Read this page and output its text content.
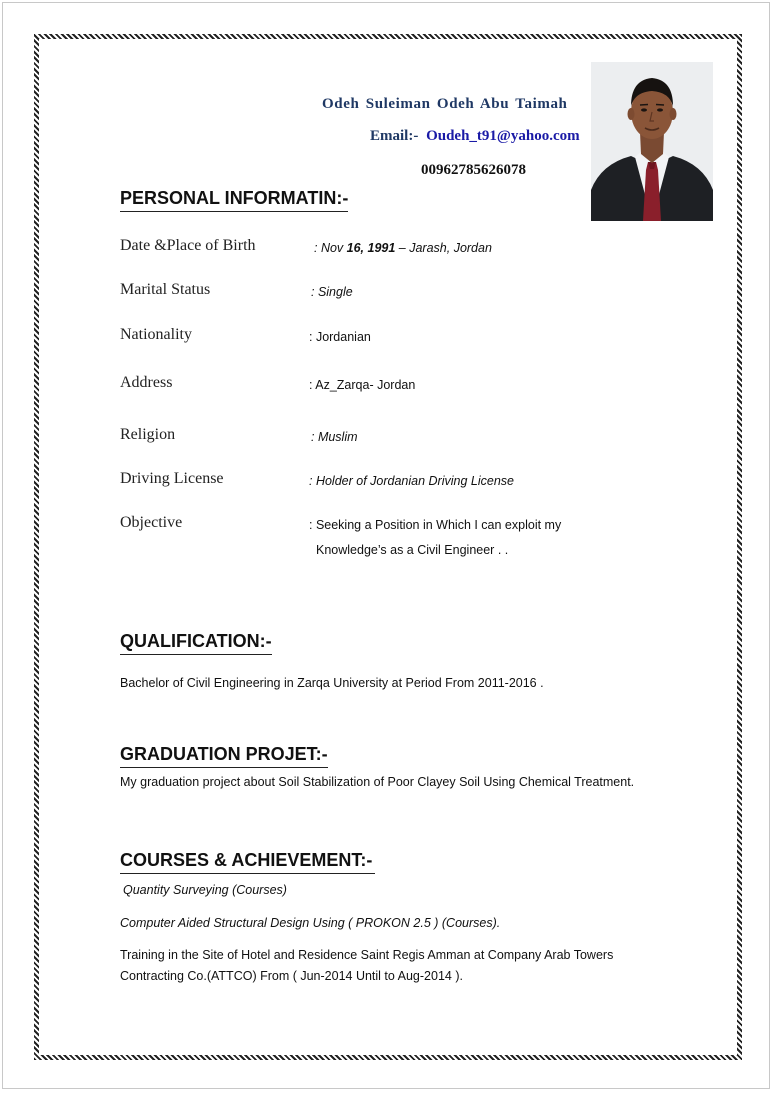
Odeh Suleiman Odeh Abu Taimah
Email:- Oudeh_t91@yahoo.com
00962785626078
PERSONAL INFORMATIN:-
Date &Place of Birth	: Nov 16, 1991 – Jarash, Jordan
Marital Status	: Single
Nationality	: Jordanian
Address	: Az_Zarqa- Jordan
Religion	: Muslim
Driving License	: Holder of Jordanian Driving License
Objective	: Seeking a Position in Which I can exploit my
Knowledge’s as a Civil Engineer . .
QUALIFICATION:-
Bachelor of Civil Engineering in Zarqa University at Period From 2011-2016 .
GRADUATION PROJET:-
My graduation project about Soil Stabilization of Poor Clayey Soil Using Chemical Treatment.
COURSES & ACHIEVEMENT:-
Quantity Surveying (Courses)
Computer Aided Structural Design Using ( PROKON 2.5 ) (Courses).
Training in the Site of Hotel and Residence Saint Regis Amman at Company Arab Towers
Contracting Co.(ATTCO) From ( Jun-2014 Until to Aug-2014 ).
